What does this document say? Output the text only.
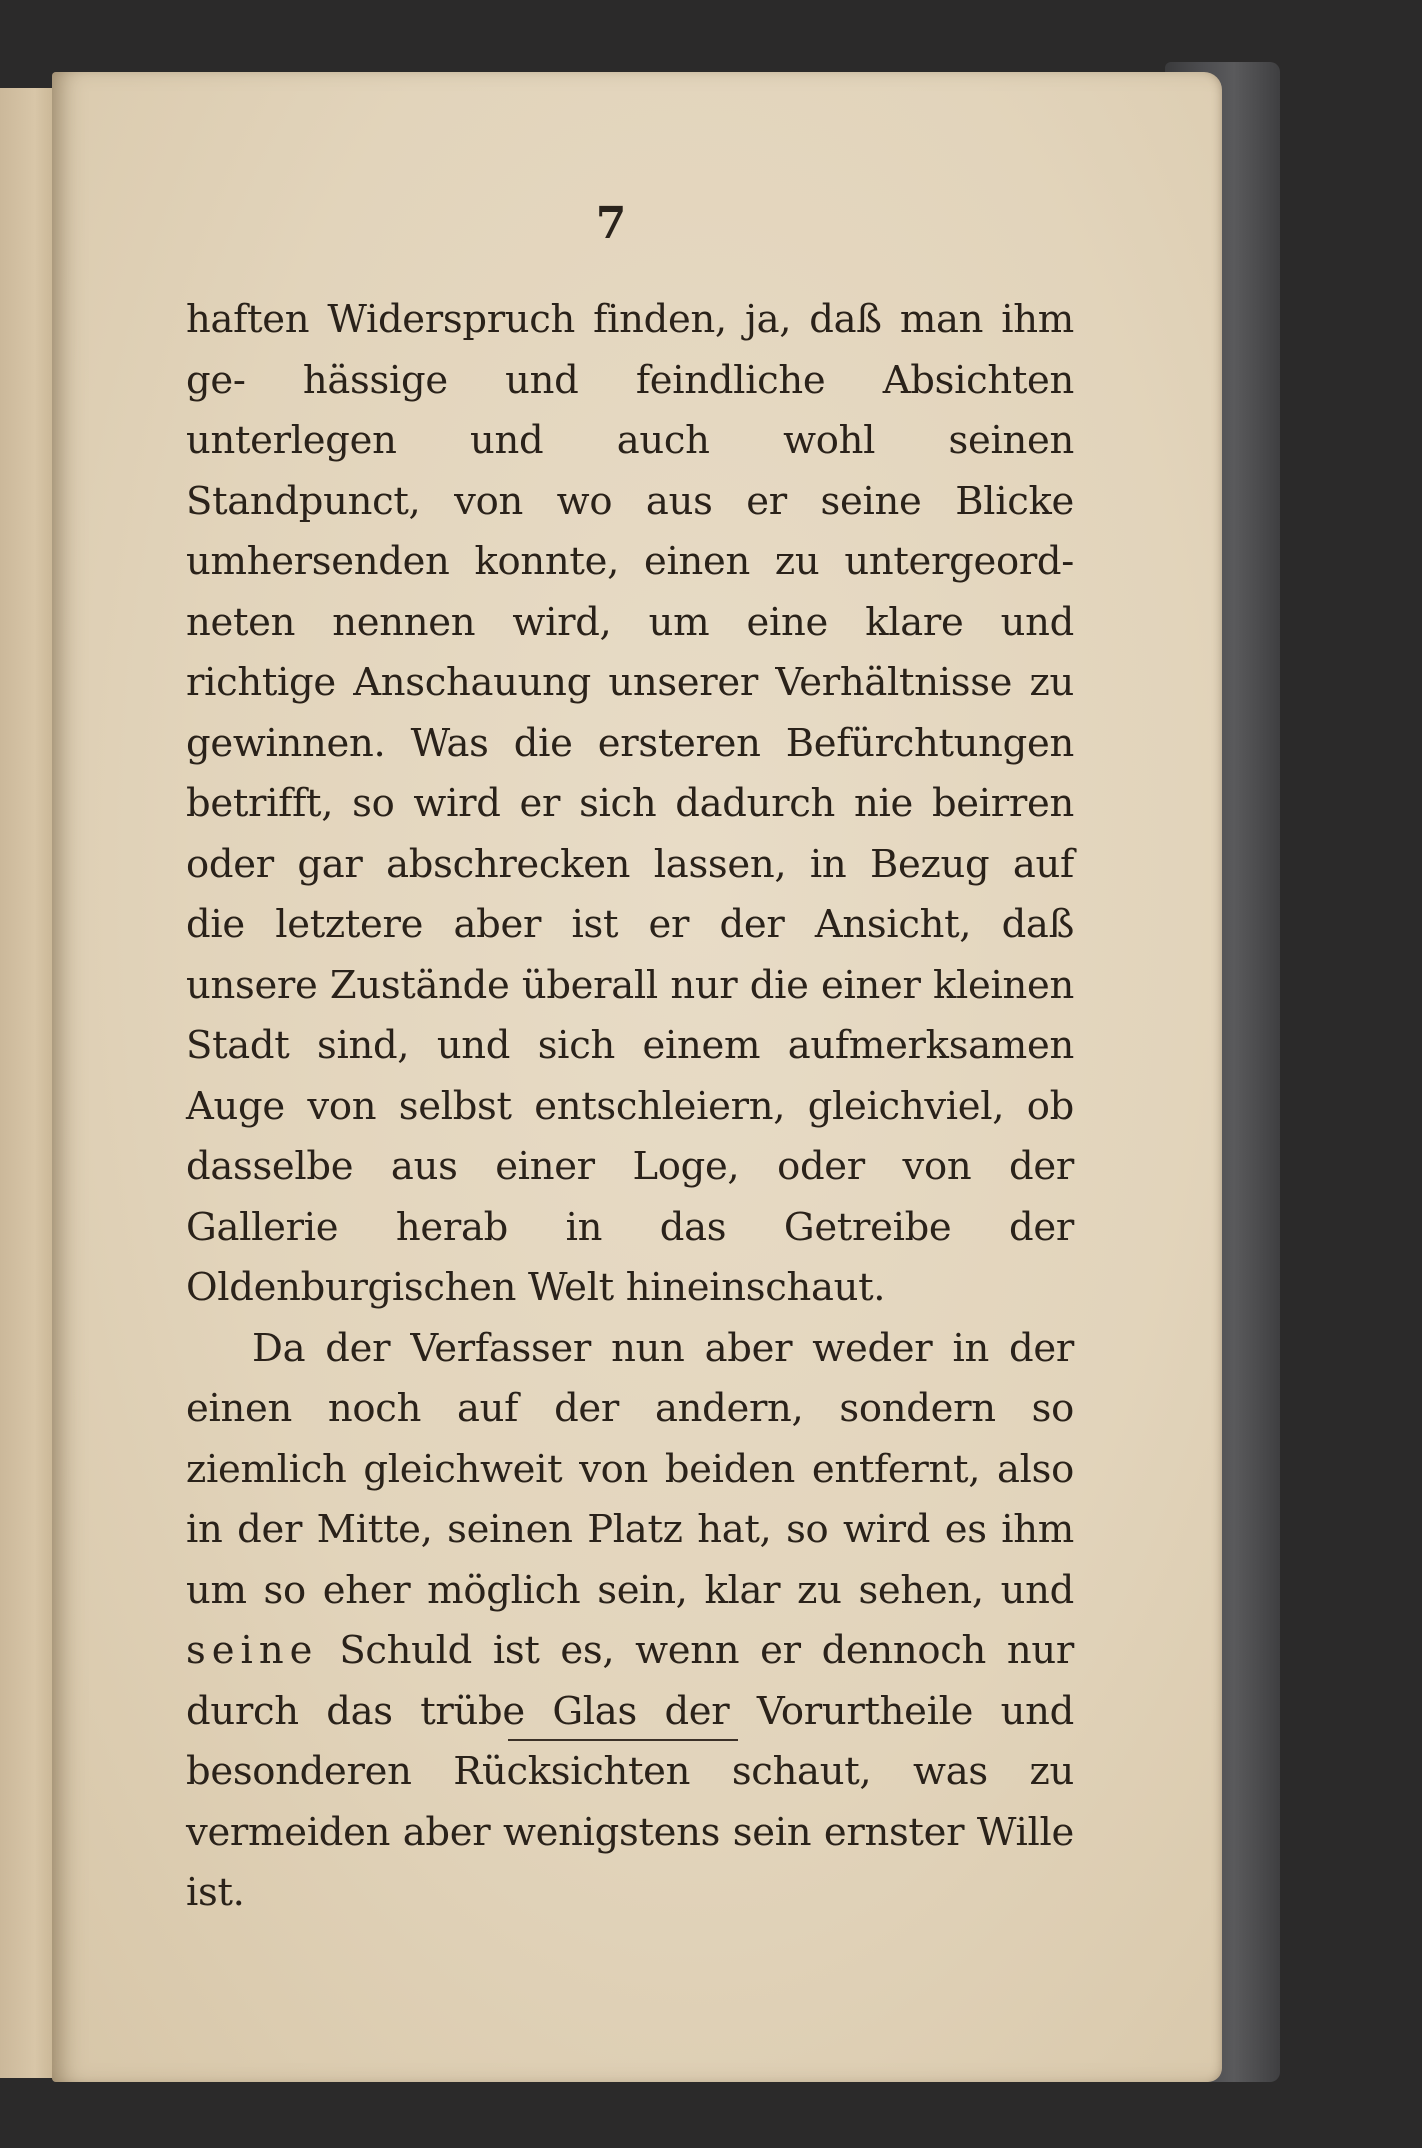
7

haften Widerspruch finden, ja, daß man ihm ge- hässige und feindliche Absichten unterlegen und auch wohl seinen Standpunct, von wo aus er seine Blicke umhersenden konnte, einen zu untergeord- neten nennen wird, um eine klare und richtige Anschauung unserer Verhältnisse zu gewinnen. Was die ersteren Befürchtungen betrifft, so wird er sich dadurch nie beirren oder gar abschrecken lassen, in Bezug auf die letztere aber ist er der Ansicht, daß unsere Zustände überall nur die einer kleinen Stadt sind, und sich einem aufmerksamen Auge von selbst entschleiern, gleichviel, ob dasselbe aus einer Loge, oder von der Gallerie herab in das Getreibe der Oldenburgischen Welt hineinschaut.

Da der Verfasser nun aber weder in der einen noch auf der andern, sondern so ziemlich gleichweit von beiden entfernt, also in der Mitte, seinen Platz hat, so wird es ihm um so eher möglich sein, klar zu sehen, und seine Schuld ist es, wenn er dennoch nur durch das trübe Glas der Vorurtheile und besonderen Rücksichten schaut, was zu vermeiden aber wenigstens sein ernster Wille ist.
